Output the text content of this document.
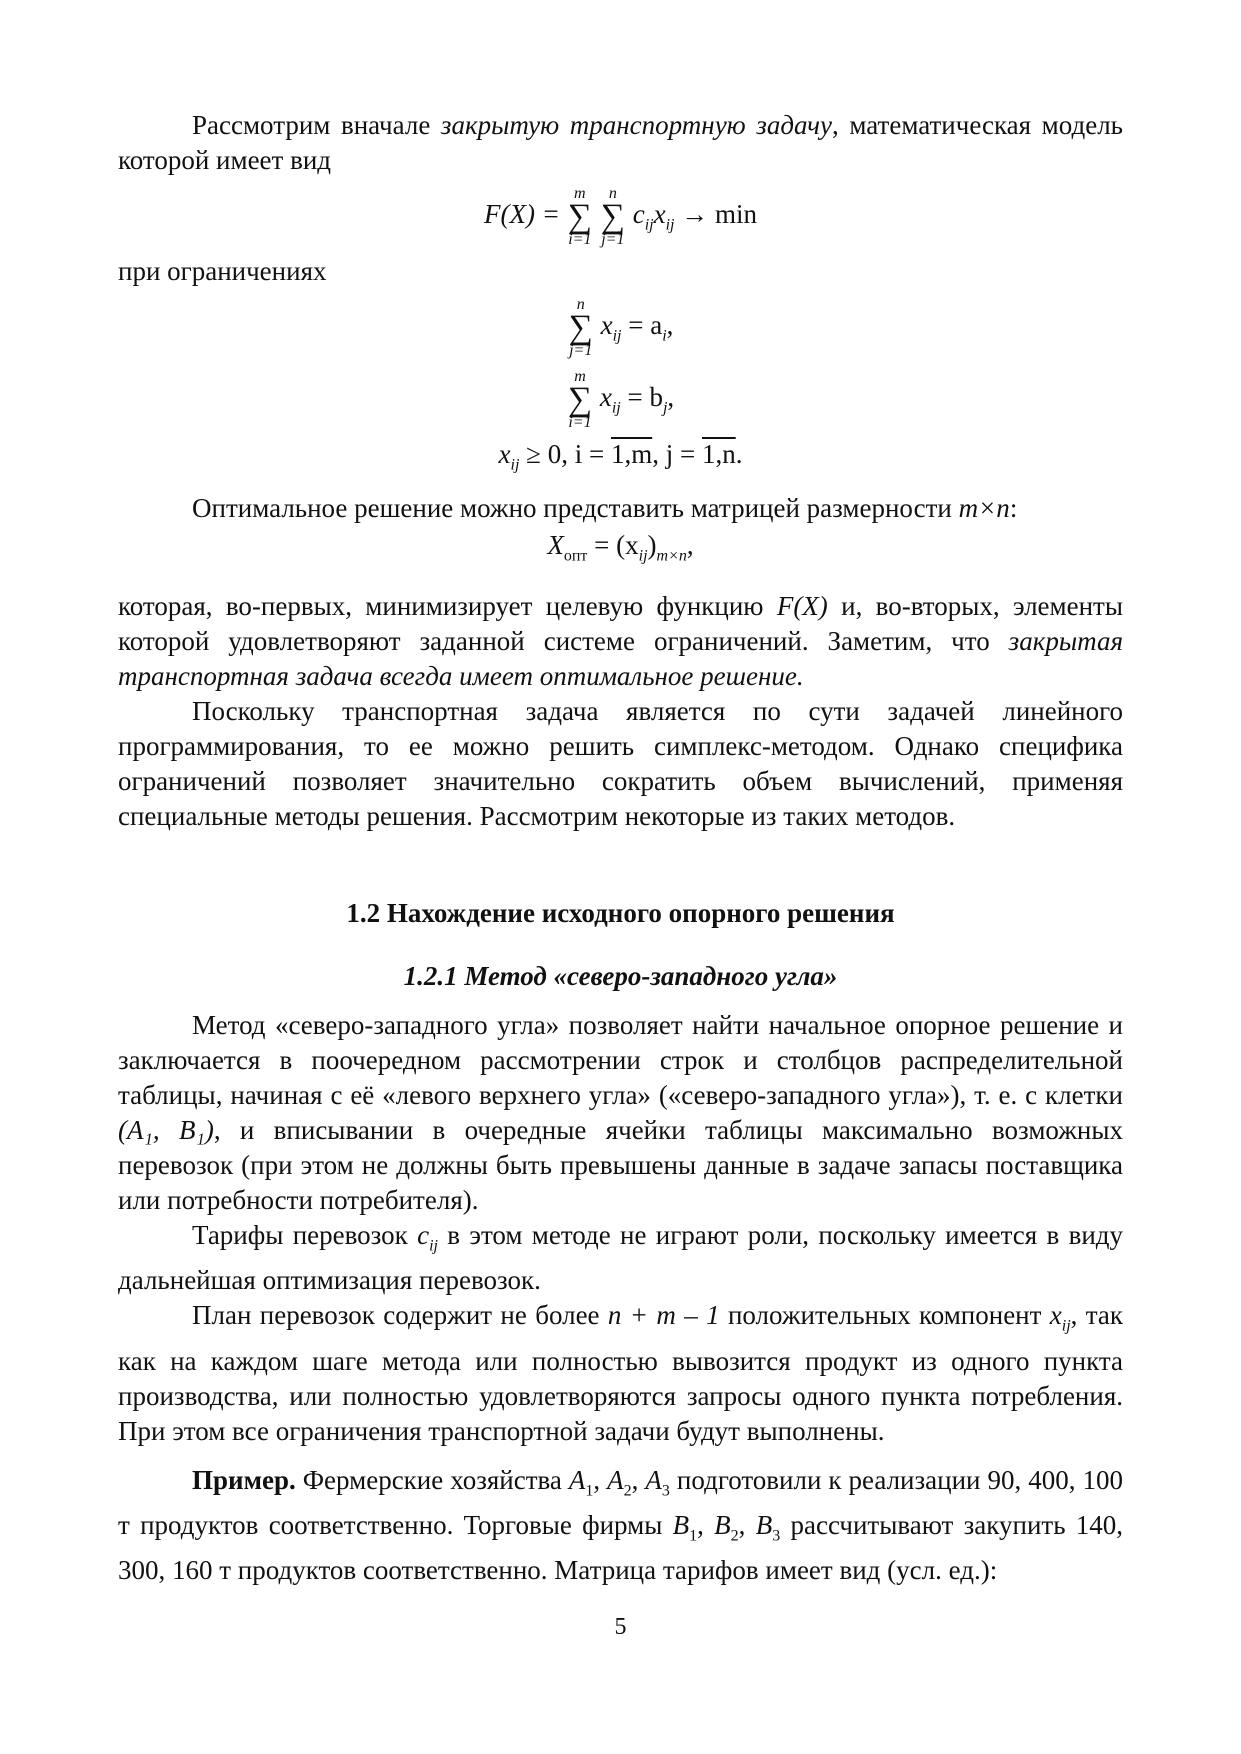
Рассмотрим вначале закрытую транспортную задачу, математическая модель которой имеет вид

F(X) =
m
∑
i=1

n
∑
j=1
$c_{ij}x_{ij} \to \min$

при ограничениях

n
∑
j=1
$x_{ij} = a_i$,
m
∑
i=1
$x_{ij} = b_j$,
$x_{ij} \ge 0$, i = 1,m, j = 1,n.

Оптимальное решение можно представить матрицей размерности m×n:

$X_{опт} = (x_{ij})_{m\times n}$,

которая, во-первых, минимизирует целевую функцию F(X) и, во-вторых, элементы которой удовлетворяют заданной системе ограничений. Заметим, что закрытая транспортная задача всегда имеет оптимальное решение.

Поскольку транспортная задача является по сути задачей линейного программирования, то ее можно решить симплекс-методом. Однако специфика ограничений позволяет значительно сократить объем вычислений, применяя специальные методы решения. Рассмотрим некоторые из таких методов.

1.2 Нахождение исходного опорного решения
1.2.1 Метод «северо-западного угла»

Метод «северо-западного угла» позволяет найти начальное опорное решение и заключается в поочередном рассмотрении строк и столбцов распределительной таблицы, начиная с её «левого верхнего угла» («северо-западного угла»), т. е. с клетки (A₁, B₁), и вписывании в очередные ячейки таблицы максимально возможных перевозок (при этом не должны быть превышены данные в задаче запасы поставщика или потребности потребителя).

Тарифы перевозок $c_{ij}$ в этом методе не играют роли, поскольку имеется в виду дальнейшая оптимизация перевозок.

План перевозок содержит не более n + m – 1 положительных компонент $x_{ij}$, так как на каждом шаге метода или полностью вывозится продукт из одного пункта производства, или полностью удовлетворяются запросы одного пункта потребления. При этом все ограничения транспортной задачи будут выполнены.

Пример. Фермерские хозяйства $A_1$, $A_2$, $A_3$ подготовили к реализации 90, 400, 100 т продуктов соответственно. Торговые фирмы $B_1$, $B_2$, $B_3$ рассчитывают закупить 140, 300, 160 т продуктов соответственно. Матрица тарифов имеет вид (усл. ед.):

5
